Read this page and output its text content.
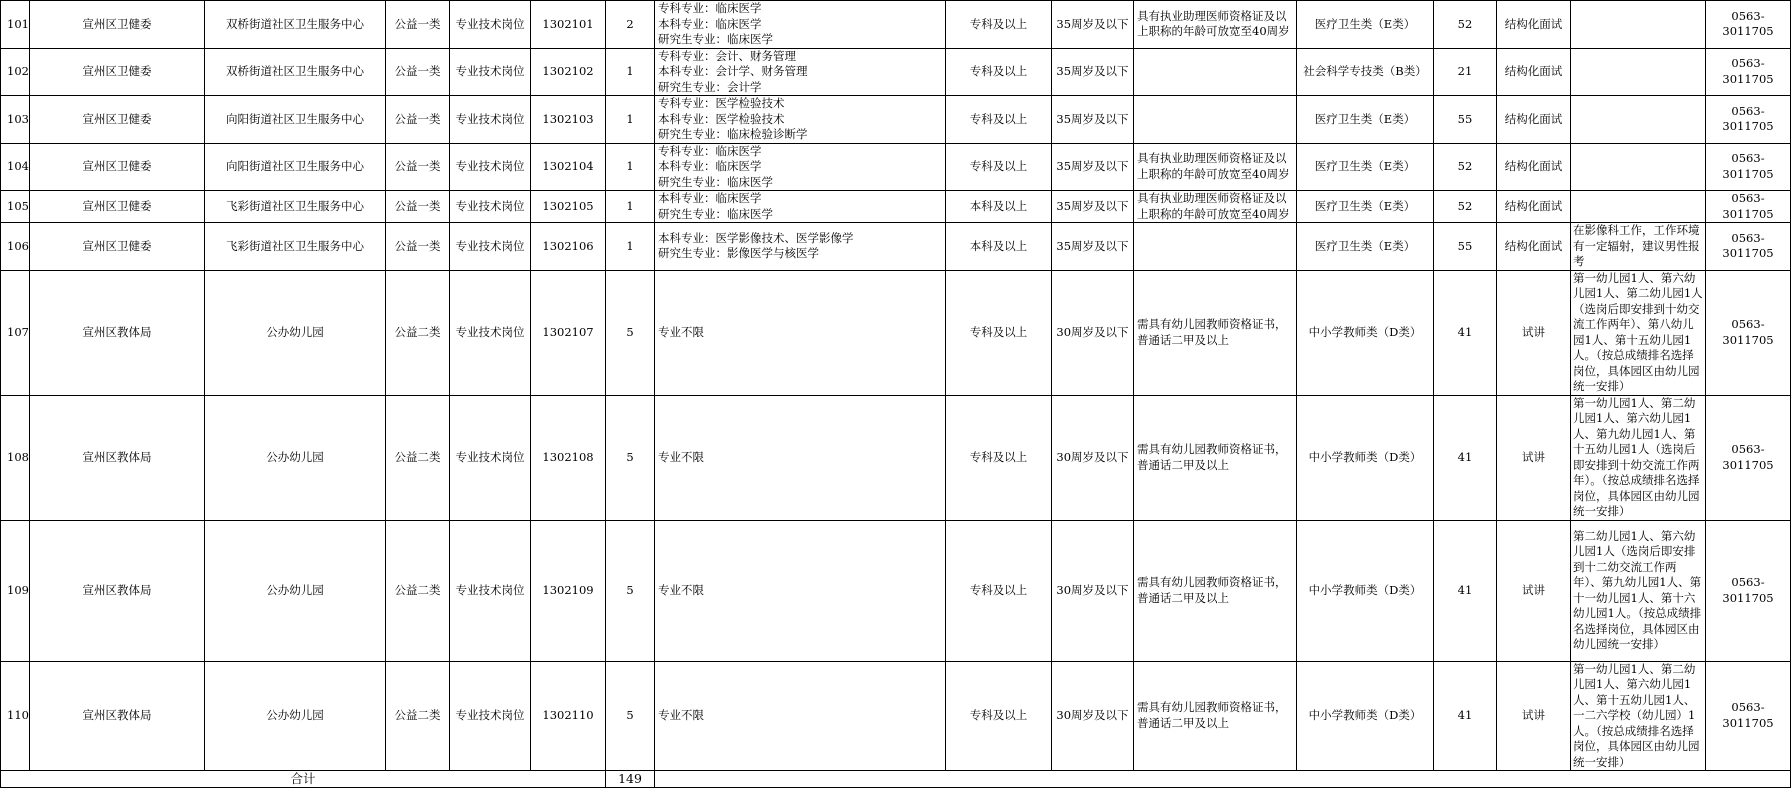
101	宣州区卫健委	双桥街道社区卫生服务中心	公益一类	专业技术岗位	1302101	2	专科专业：临床医学
本科专业：临床医学
研究生专业：临床医学	专科及以上	35周岁及以下	具有执业助理医师资格证及以上职称的年龄可放宽至40周岁	医疗卫生类（E类）	52	结构化面试		0563-3011705
102	宣州区卫健委	双桥街道社区卫生服务中心	公益一类	专业技术岗位	1302102	1	专科专业：会计、财务管理
本科专业：会计学、财务管理
研究生专业：会计学	专科及以上	35周岁及以下		社会科学专技类（B类）	21	结构化面试		0563-3011705
103	宣州区卫健委	向阳街道社区卫生服务中心	公益一类	专业技术岗位	1302103	1	专科专业：医学检验技术
本科专业：医学检验技术
研究生专业：临床检验诊断学	专科及以上	35周岁及以下		医疗卫生类（E类）	55	结构化面试		0563-3011705
104	宣州区卫健委	向阳街道社区卫生服务中心	公益一类	专业技术岗位	1302104	1	专科专业：临床医学
本科专业：临床医学
研究生专业：临床医学	专科及以上	35周岁及以下	具有执业助理医师资格证及以上职称的年龄可放宽至40周岁	医疗卫生类（E类）	52	结构化面试		0563-3011705
105	宣州区卫健委	飞彩街道社区卫生服务中心	公益一类	专业技术岗位	1302105	1	本科专业：临床医学
研究生专业：临床医学	本科及以上	35周岁及以下	具有执业助理医师资格证及以上职称的年龄可放宽至40周岁	医疗卫生类（E类）	52	结构化面试		0563-3011705
106	宣州区卫健委	飞彩街道社区卫生服务中心	公益一类	专业技术岗位	1302106	1	本科专业：医学影像技术、医学影像学
研究生专业：影像医学与核医学	本科及以上	35周岁及以下		医疗卫生类（E类）	55	结构化面试	在影像科工作，工作环境有一定辐射，建议男性报考	0563-3011705
107	宣州区教体局	公办幼儿园	公益二类	专业技术岗位	1302107	5	专业不限	专科及以上	30周岁及以下	需具有幼儿园教师资格证书，普通话二甲及以上	中小学教师类（D类）	41	试讲	第一幼儿园1人、第六幼儿园1人、第二幼儿园1人（选岗后即安排到十幼交流工作两年）、第八幼儿园1人、第十五幼儿园1人。（按总成绩排名选择岗位，具体园区由幼儿园统一安排）	0563-3011705
108	宣州区教体局	公办幼儿园	公益二类	专业技术岗位	1302108	5	专业不限	专科及以上	30周岁及以下	需具有幼儿园教师资格证书，普通话二甲及以上	中小学教师类（D类）	41	试讲	第一幼儿园1人、第二幼儿园1人、第六幼儿园1人、第九幼儿园1人、第十五幼儿园1人（选岗后即安排到十幼交流工作两年）。（按总成绩排名选择岗位，具体园区由幼儿园统一安排）	0563-3011705
109	宣州区教体局	公办幼儿园	公益二类	专业技术岗位	1302109	5	专业不限	专科及以上	30周岁及以下	需具有幼儿园教师资格证书，普通话二甲及以上	中小学教师类（D类）	41	试讲	第二幼儿园1人、第六幼儿园1人（选岗后即安排到十二幼交流工作两年）、第九幼儿园1人、第十一幼儿园1人、第十六幼儿园1人。（按总成绩排名选择岗位，具体园区由幼儿园统一安排）	0563-3011705
110	宣州区教体局	公办幼儿园	公益二类	专业技术岗位	1302110	5	专业不限	专科及以上	30周岁及以下	需具有幼儿园教师资格证书，普通话二甲及以上	中小学教师类（D类）	41	试讲	第一幼儿园1人、第二幼儿园1人、第六幼儿园1人、第十五幼儿园1人、一二六学校（幼儿园）1人。（按总成绩排名选择岗位，具体园区由幼儿园统一安排）	0563-3011705
合计						149									
